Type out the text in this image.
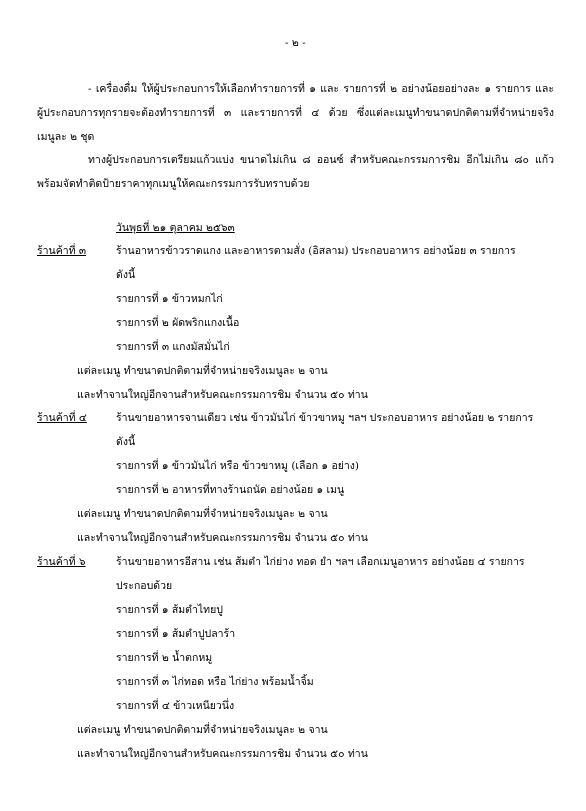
- ๒ -
- เครื่องดื่ม ให้ผู้ประกอบการให้เลือกทำรายการที่ ๑ และ รายการที่ ๒ อย่างน้อยอย่างละ ๑ รายการ และ
ผู้ประกอบการทุกรายจะต้องทำรายการที่ ๓ และรายการที่ ๔ ด้วย ซึ่งแต่ละเมนูทำขนาดปกติตามที่จำหน่ายจริง
เมนูละ ๒ ชุด
ทางผู้ประกอบการเตรียมแก้วแบ่ง ขนาดไม่เกิน ๘ ออนซ์ สำหรับคณะกรรมการชิม อีกไม่เกิน ๘๐ แก้ว
พร้อมจัดทำติดป้ายราคาทุกเมนูให้คณะกรรมการรับทราบด้วย
วันพุธที่ ๒๑ ตุลาคม ๒๕๖๓
ร้านค้าที่ ๓	ร้านอาหารข้าวราดแกง และอาหารตามสั่ง (อิสลาม) ประกอบอาหาร อย่างน้อย ๓ รายการ
ดังนี้
รายการที่ ๑ ข้าวหมกไก่
รายการที่ ๒ ผัดพริกแกงเนื้อ
รายการที่ ๓ แกงมัสมั่นไก่
แต่ละเมนู ทำขนาดปกติตามที่จำหน่ายจริงเมนูละ ๒ จาน
และทำจานใหญ่อีกจานสำหรับคณะกรรมการชิม จำนวน ๕๐ ท่าน
ร้านค้าที่ ๔	ร้านขายอาหารจานเดียว เช่น ข้าวมันไก่ ข้าวขาหมู ฯลฯ ประกอบอาหาร อย่างน้อย ๒ รายการ
ดังนี้
รายการที่ ๑ ข้าวมันไก่ หรือ ข้าวขาหมู (เลือก ๑ อย่าง)
รายการที่ ๒ อาหารที่ทางร้านถนัด อย่างน้อย ๑ เมนู
แต่ละเมนู ทำขนาดปกติตามที่จำหน่ายจริงเมนูละ ๒ จาน
และทำจานใหญ่อีกจานสำหรับคณะกรรมการชิม จำนวน ๕๐ ท่าน
ร้านค้าที่ ๖	ร้านขายอาหารอีสาน เช่น ส้มตำ ไก่ย่าง ทอด ยำ ฯลฯ เลือกเมนูอาหาร อย่างน้อย ๔ รายการ
ประกอบด้วย
รายการที่ ๑ ส้มตำไทยปู
รายการที่ ๑ ส้มตำปูปลาร้า
รายการที่ ๒ น้ำตกหมู
รายการที่ ๓ ไก่ทอด หรือ ไก่ย่าง พร้อมน้ำจิ้ม
รายการที่ ๔ ข้าวเหนียวนึ่ง
แต่ละเมนู ทำขนาดปกติตามที่จำหน่ายจริงเมนูละ ๒ จาน
และทำจานใหญ่อีกจานสำหรับคณะกรรมการชิม จำนวน ๕๐ ท่าน
